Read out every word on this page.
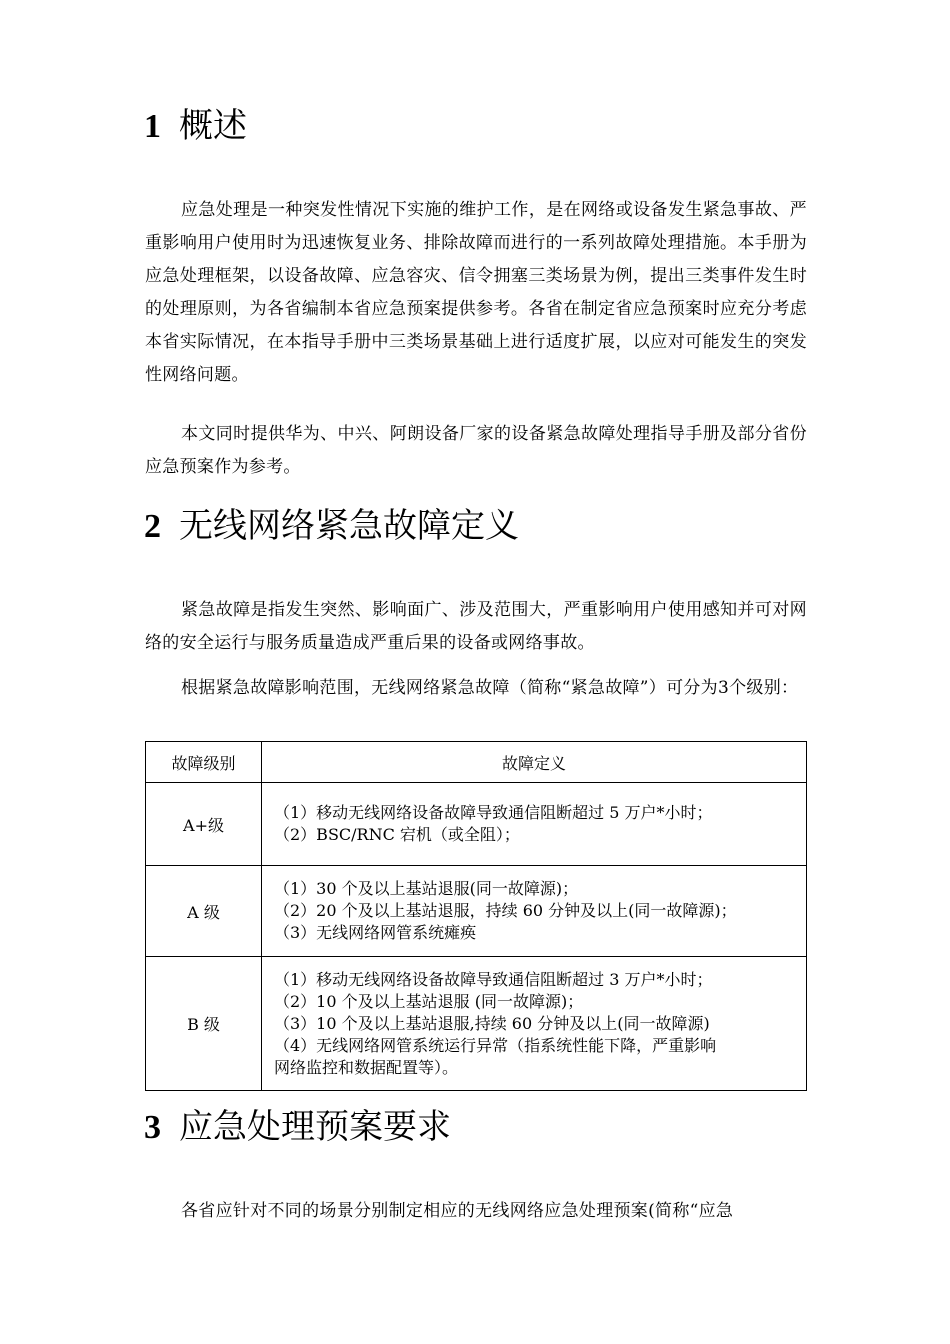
1 概述

应急处理是一种突发性情况下实施的维护工作，是在网络或设备发生紧急事故、严重影响用户使用时为迅速恢复业务、排除故障而进行的一系列故障处理措施。本手册为应急处理框架，以设备故障、应急容灾、信令拥塞三类场景为例，提出三类事件发生时的处理原则，为各省编制本省应急预案提供参考。各省在制定省应急预案时应充分考虑本省实际情况，在本指导手册中三类场景基础上进行适度扩展，以应对可能发生的突发性网络问题。

本文同时提供华为、中兴、阿朗设备厂家的设备紧急故障处理指导手册及部分省份应急预案作为参考。

2 无线网络紧急故障定义

紧急故障是指发生突然、影响面广、涉及范围大，严重影响用户使用感知并可对网络的安全运行与服务质量造成严重后果的设备或网络事故。

根据紧急故障影响范围，无线网络紧急故障（简称“紧急故障”）可分为3个级别：

故障级别	故障定义
A+级	（1）移动无线网络设备故障导致通信阻断超过 5 万户*小时；
（2）BSC/RNC 宕机（或全阻）；

A 级	（1）30 个及以上基站退服(同一故障源)；
（2）20 个及以上基站退服，持续 60 分钟及以上(同一故障源)；
（3）无线网络网管系统瘫痪

B 级	（1）移动无线网络设备故障导致通信阻断超过 3 万户*小时；
（2）10 个及以上基站退服 (同一故障源)；
（3）10 个及以上基站退服,持续 60 分钟及以上(同一故障源)
（4）无线网络网管系统运行异常（指系统性能下降，严重影响
网络监控和数据配置等）。
3 应急处理预案要求

各省应针对不同的场景分别制定相应的无线网络应急处理预案(简称“应急
